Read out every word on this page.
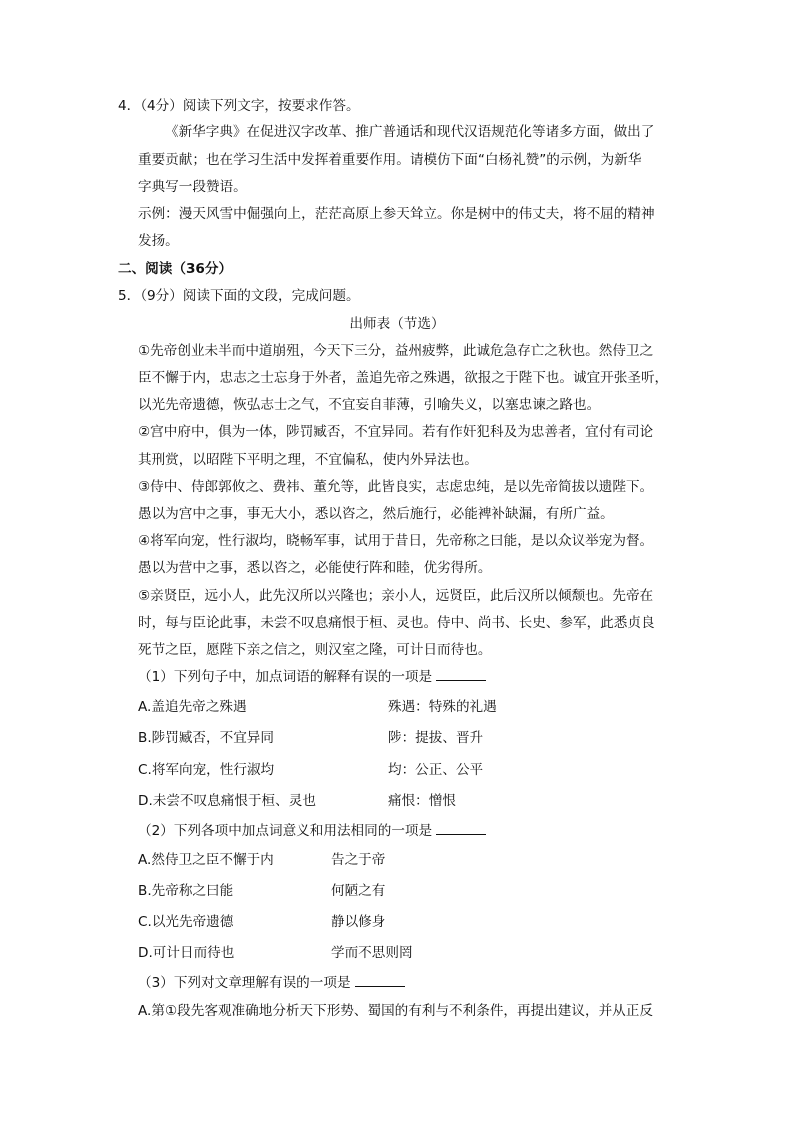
4．（4分）阅读下列文字，按要求作答。
《新华字典》在促进汉字改革、推广普通话和现代汉语规范化等诸多方面，做出了
重要贡献；也在学习生活中发挥着重要作用。请模仿下面“白杨礼赞”的示例，为新华
字典写一段赞语。
示例：漫天风雪中倔强向上，茫茫高原上参天耸立。你是树中的伟丈夫，将不屈的精神
发扬。
二、阅读（36分）
5．（9分）阅读下面的文段，完成问题。
出师表（节选）
①先帝创业未半而中道崩殂，今天下三分，益州疲弊，此诚危急存亡之秋也。然侍卫之
臣不懈于内，忠志之士忘身于外者，盖追先帝之殊遇，欲报之于陛下也。诚宜开张圣听，
以光先帝遗德，恢弘志士之气，不宜妄自菲薄，引喻失义，以塞忠谏之路也。
②宫中府中，俱为一体，陟罚臧否，不宜异同。若有作奸犯科及为忠善者，宜付有司论
其刑赏，以昭陛下平明之理，不宜偏私，使内外异法也。
③侍中、侍郎郭攸之、费祎、董允等，此皆良实，志虑忠纯，是以先帝简拔以遗陛下。
愚以为宫中之事，事无大小，悉以咨之，然后施行，必能裨补缺漏，有所广益。
④将军向宠，性行淑均，晓畅军事，试用于昔日，先帝称之曰能，是以众议举宠为督。
愚以为营中之事，悉以咨之，必能使行阵和睦，优劣得所。
⑤亲贤臣，远小人，此先汉所以兴隆也；亲小人，远贤臣，此后汉所以倾颓也。先帝在
时，每与臣论此事，未尝不叹息痛恨于桓、灵也。侍中、尚书、长史、参军，此悉贞良
死节之臣，愿陛下亲之信之，则汉室之隆，可计日而待也。
（1）下列句子中，加点词语的解释有误的一项是
A.盖追先帝之殊遇	殊遇：特殊的礼遇
B.陟罚臧否，不宜异同	陟：提拔、晋升
C.将军向宠，性行淑均	均：公正、公平
D.未尝不叹息痛恨于桓、灵也	痛恨：憎恨
（2）下列各项中加点词意义和用法相同的一项是
A.然侍卫之臣不懈于内	告之于帝
B.先帝称之曰能	何陋之有
C.以光先帝遗德	静以修身
D.可计日而待也	学而不思则罔
（3）下列对文章理解有误的一项是
A.第①段先客观准确地分析天下形势、蜀国的有利与不利条件，再提出建议，并从正反
